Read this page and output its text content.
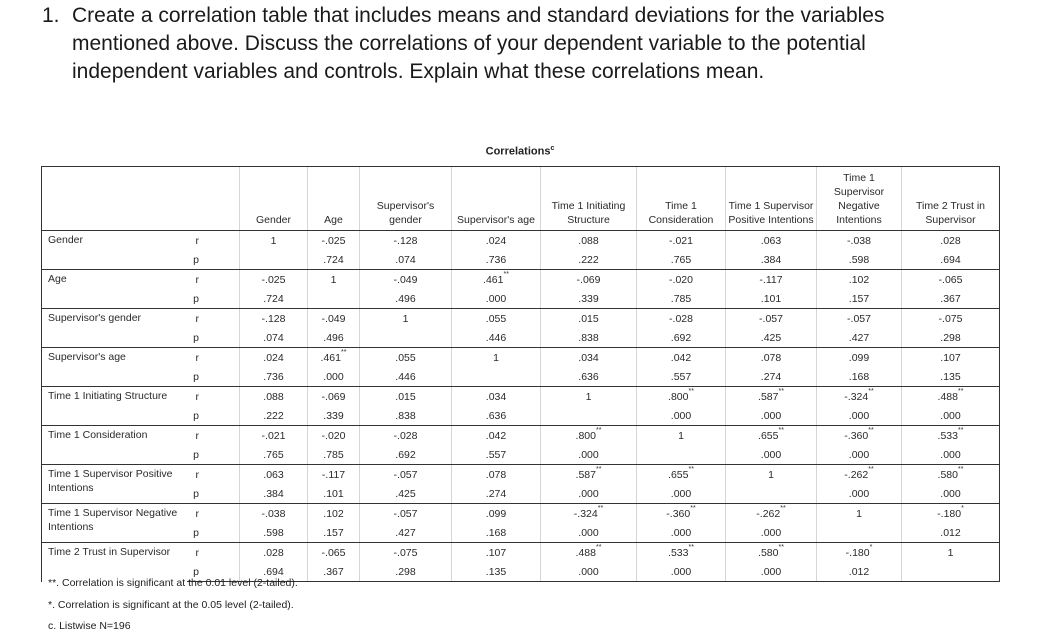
1. Create a correlation table that includes means and standard deviations for the variables mentioned above. Discuss the correlations of your dependent variable to the potential independent variables and controls. Explain what these correlations mean.
Correlations$^c$
		Gender	Age	Supervisor's gender	Supervisor's age	Time 1 Initiating Structure	Time 1 Consideration	Time 1 Supervisor Positive Intentions	Time 1 Supervisor Negative Intentions	Time 2 Trust in Supervisor
Gender	r	1	-.025	-.128	.024	.088	-.021	.063	-.038	.028
	p		.724	.074	.736	.222	.765	.384	.598	.694
Age	r	-.025	1	-.049	.461**	-.069	-.020	-.117	.102	-.065
	p	.724		.496	.000	.339	.785	.101	.157	.367
Supervisor's gender	r	-.128	-.049	1	.055	.015	-.028	-.057	-.057	-.075
	p	.074	.496		.446	.838	.692	.425	.427	.298
Supervisor's age	r	.024	.461**	.055	1	.034	.042	.078	.099	.107
	p	.736	.000	.446		.636	.557	.274	.168	.135
Time 1 Initiating Structure	r	.088	-.069	.015	.034	1	.800**	.587**	-.324**	.488**
	p	.222	.339	.838	.636		.000	.000	.000	.000
Time 1 Consideration	r	-.021	-.020	-.028	.042	.800**	1	.655**	-.360**	.533**
	p	.765	.785	.692	.557	.000		.000	.000	.000
Time 1 Supervisor Positive Intentions	r	.063	-.117	-.057	.078	.587**	.655**	1	-.262**	.580**
	p	.384	.101	.425	.274	.000	.000		.000	.000
Time 1 Supervisor Negative Intentions	r	-.038	.102	-.057	.099	-.324**	-.360**	-.262**	1	-.180*
	p	.598	.157	.427	.168	.000	.000	.000		.012
Time 2 Trust in Supervisor	r	.028	-.065	-.075	.107	.488**	.533**	.580**	-.180*	1
	p	.694	.367	.298	.135	.000	.000	.000	.012	
**. Correlation is significant at the 0.01 level (2-tailed).
*. Correlation is significant at the 0.05 level (2-tailed).
c. Listwise N=196
